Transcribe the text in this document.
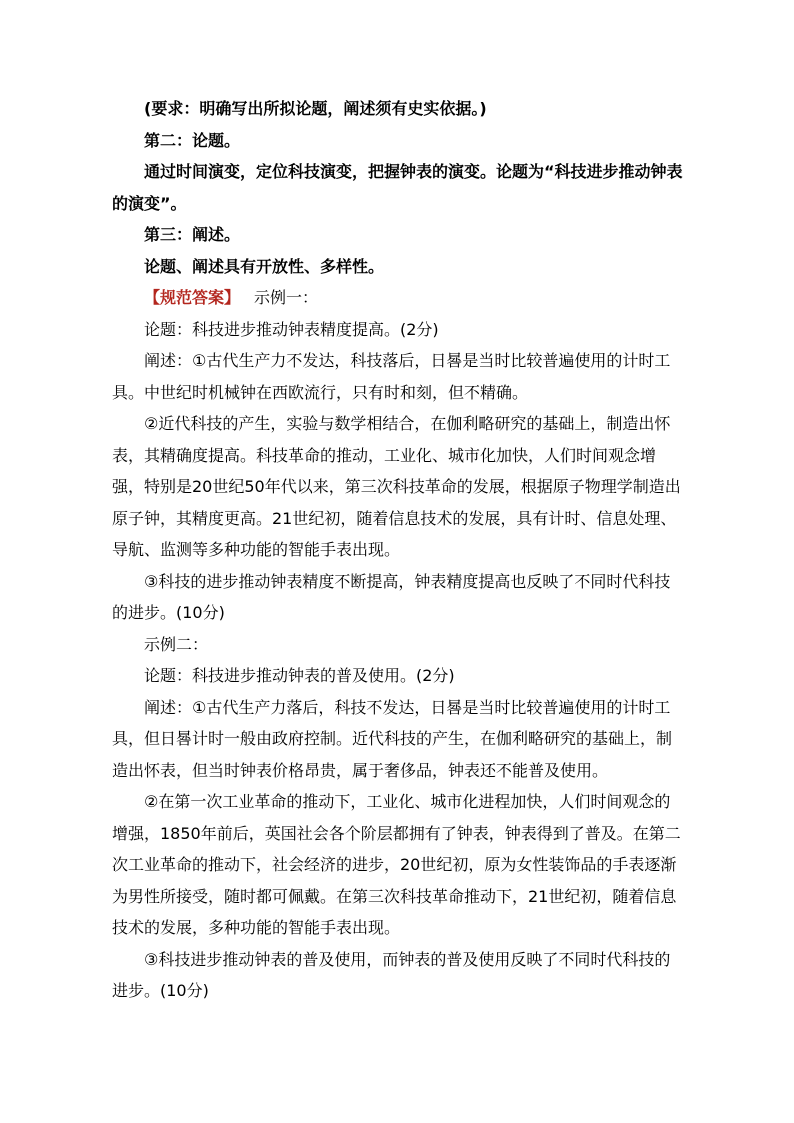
(要求：明确写出所拟论题，阐述须有史实依据。)

第二：论题。

通过时间演变，定位科技演变，把握钟表的演变。论题为“科技进步推动钟表的演变”。

第三：阐述。

论题、阐述具有开放性、多样性。

【规范答案】 示例一：

论题：科技进步推动钟表精度提高。(2分)

阐述：①古代生产力不发达，科技落后，日晷是当时比较普遍使用的计时工具。中世纪时机械钟在西欧流行，只有时和刻，但不精确。

②近代科技的产生，实验与数学相结合，在伽利略研究的基础上，制造出怀表，其精确度提高。科技革命的推动，工业化、城市化加快，人们时间观念增强，特别是20世纪50年代以来，第三次科技革命的发展，根据原子物理学制造出原子钟，其精度更高。21世纪初，随着信息技术的发展，具有计时、信息处理、导航、监测等多种功能的智能手表出现。

③科技的进步推动钟表精度不断提高，钟表精度提高也反映了不同时代科技的进步。(10分)

示例二：

论题：科技进步推动钟表的普及使用。(2分)

阐述：①古代生产力落后，科技不发达，日晷是当时比较普遍使用的计时工具，但日晷计时一般由政府控制。近代科技的产生，在伽利略研究的基础上，制造出怀表，但当时钟表价格昂贵，属于奢侈品，钟表还不能普及使用。

②在第一次工业革命的推动下，工业化、城市化进程加快，人们时间观念的增强，1850年前后，英国社会各个阶层都拥有了钟表，钟表得到了普及。在第二次工业革命的推动下，社会经济的进步，20世纪初，原为女性装饰品的手表逐渐为男性所接受，随时都可佩戴。在第三次科技革命推动下，21世纪初，随着信息技术的发展，多种功能的智能手表出现。

③科技进步推动钟表的普及使用，而钟表的普及使用反映了不同时代科技的进步。(10分)
